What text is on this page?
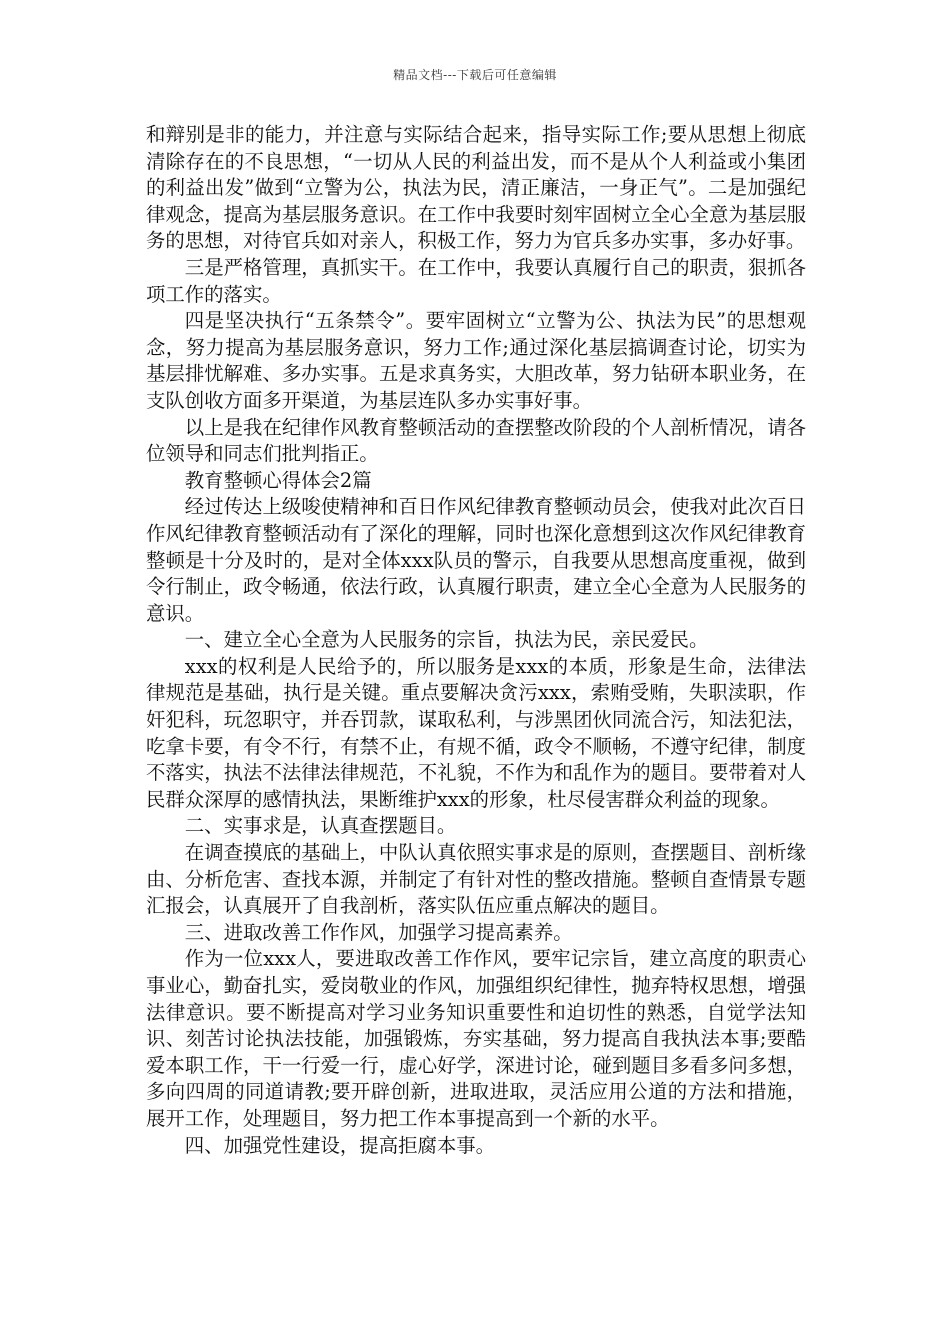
精品文档---下载后可任意编辑

和辩别是非的能力，并注意与实际结合起来，指导实际工作;要从思想上彻底清除存在的不良思想，“一切从人民的利益出发，而不是从个人利益或小集团的利益出发”做到“立警为公，执法为民，清正廉洁，一身正气”。二是加强纪律观念，提高为基层服务意识。在工作中我要时刻牢固树立全心全意为基层服务的思想，对待官兵如对亲人，积极工作，努力为官兵多办实事，多办好事。

三是严格管理，真抓实干。在工作中，我要认真履行自己的职责，狠抓各项工作的落实。

四是坚决执行“五条禁令”。要牢固树立“立警为公、执法为民”的思想观念，努力提高为基层服务意识，努力工作;通过深化基层搞调查讨论，切实为基层排忧解难、多办实事。五是求真务实，大胆改革，努力钻研本职业务，在支队创收方面多开渠道，为基层连队多办实事好事。

以上是我在纪律作风教育整顿活动的查摆整改阶段的个人剖析情况，请各位领导和同志们批判指正。

教育整顿心得体会2篇

经过传达上级唆使精神和百日作风纪律教育整顿动员会，使我对此次百日作风纪律教育整顿活动有了深化的理解，同时也深化意想到这次作风纪律教育整顿是十分及时的，是对全体xxx队员的警示，自我要从思想高度重视，做到令行制止，政令畅通，依法行政，认真履行职责，建立全心全意为人民服务的意识。

一、建立全心全意为人民服务的宗旨，执法为民，亲民爱民。

xxx的权利是人民给予的，所以服务是xxx的本质，形象是生命，法律法律规范是基础，执行是关键。重点要解决贪污xxx，索贿受贿，失职渎职，作奸犯科，玩忽职守，并吞罚款，谋取私利，与涉黑团伙同流合污，知法犯法，吃拿卡要，有令不行，有禁不止，有规不循，政令不顺畅，不遵守纪律，制度不落实，执法不法律法律规范，不礼貌，不作为和乱作为的题目。要带着对人民群众深厚的感情执法，果断维护xxx的形象，杜尽侵害群众利益的现象。

二、实事求是，认真查摆题目。

在调查摸底的基础上，中队认真依照实事求是的原则，查摆题目、剖析缘由、分析危害、查找本源，并制定了有针对性的整改措施。整顿自查情景专题汇报会，认真展开了自我剖析，落实队伍应重点解决的题目。

三、进取改善工作作风，加强学习提高素养。

作为一位xxx人，要进取改善工作作风，要牢记宗旨，建立高度的职责心事业心，勤奋扎实，爱岗敬业的作风，加强组织纪律性，抛弃特权思想，增强法律意识。要不断提高对学习业务知识重要性和迫切性的熟悉，自觉学法知识、刻苦讨论执法技能，加强锻炼，夯实基础，努力提高自我执法本事;要酷爱本职工作，干一行爱一行，虚心好学，深进讨论，碰到题目多看多问多想，多向四周的同道请教;要开辟创新，进取进取，灵活应用公道的方法和措施，展开工作，处理题目，努力把工作本事提高到一个新的水平。

四、加强党性建设，提高拒腐本事。
